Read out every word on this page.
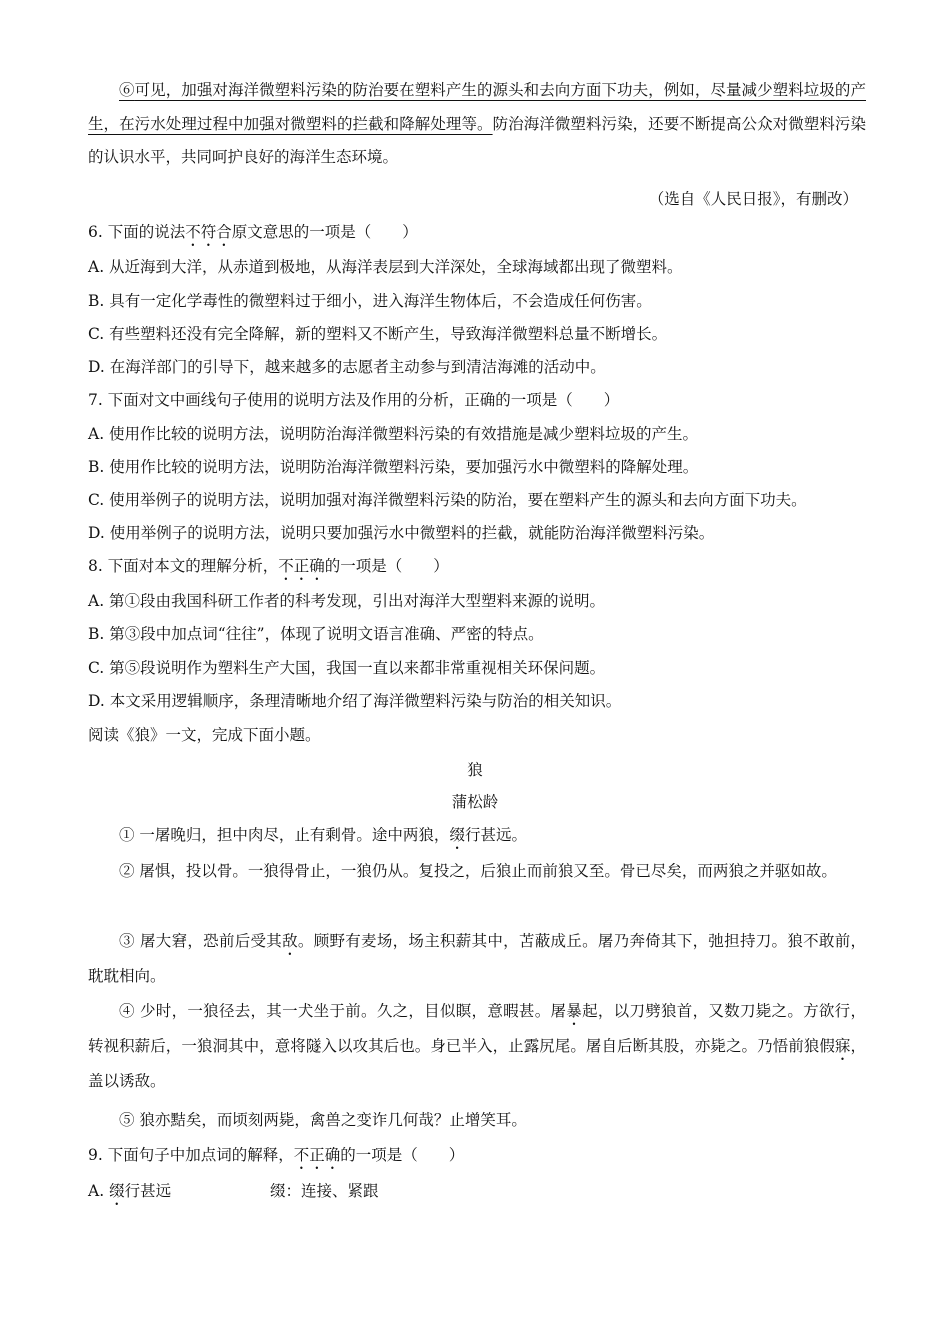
⑥可见，加强对海洋微塑料污染的防治要在塑料产生的源头和去向方面下功夫，例如，尽量减少塑料垃圾的产生，在污水处理过程中加强对微塑料的拦截和降解处理等。防治海洋微塑料污染，还要不断提高公众对微塑料污染的认识水平，共同呵护良好的海洋生态环境。
（选自《人民日报》，有删改）
6. 下面的说法不符合原文意思的一项是（　　）
A. 从近海到大洋，从赤道到极地，从海洋表层到大洋深处，全球海域都出现了微塑料。
B. 具有一定化学毒性的微塑料过于细小，进入海洋生物体后，不会造成任何伤害。
C. 有些塑料还没有完全降解，新的塑料又不断产生，导致海洋微塑料总量不断增长。
D. 在海洋部门的引导下，越来越多的志愿者主动参与到清洁海滩的活动中。
7. 下面对文中画线句子使用的说明方法及作用的分析，正确的一项是（　　）
A. 使用作比较的说明方法，说明防治海洋微塑料污染的有效措施是减少塑料垃圾的产生。
B. 使用作比较的说明方法，说明防治海洋微塑料污染，要加强污水中微塑料的降解处理。
C. 使用举例子的说明方法，说明加强对海洋微塑料污染的防治，要在塑料产生的源头和去向方面下功夫。
D. 使用举例子的说明方法，说明只要加强污水中微塑料的拦截，就能防治海洋微塑料污染。
8. 下面对本文的理解分析，不正确的一项是（　　）
A. 第①段由我国科研工作者的科考发现，引出对海洋大型塑料来源的说明。
B. 第③段中加点词“往往”，体现了说明文语言准确、严密的特点。
C. 第⑤段说明作为塑料生产大国，我国一直以来都非常重视相关环保问题。
D. 本文采用逻辑顺序，条理清晰地介绍了海洋微塑料污染与防治的相关知识。
阅读《狼》一文，完成下面小题。
狼
蒲松龄
① 一屠晚归，担中肉尽，止有剩骨。途中两狼，缀行甚远。
② 屠惧，投以骨。一狼得骨止，一狼仍从。复投之，后狼止而前狼又至。骨已尽矣，而两狼之并驱如故。
③ 屠大窘，恐前后受其敌。顾野有麦场，场主积薪其中，苫蔽成丘。屠乃奔倚其下，弛担持刀。狼不敢前，耽耽相向。
④ 少时，一狼径去，其一犬坐于前。久之，目似瞑，意暇甚。屠暴起，以刀劈狼首，又数刀毙之。方欲行，转视积薪后，一狼洞其中，意将隧入以攻其后也。身已半入，止露尻尾。屠自后断其股，亦毙之。乃悟前狼假寐，盖以诱敌。
⑤ 狼亦黠矣，而顷刻两毙，禽兽之变诈几何哉？止增笑耳。
9. 下面句子中加点词的解释，不正确的一项是（　　）
A. 缀行甚远	缀：连接、紧跟
